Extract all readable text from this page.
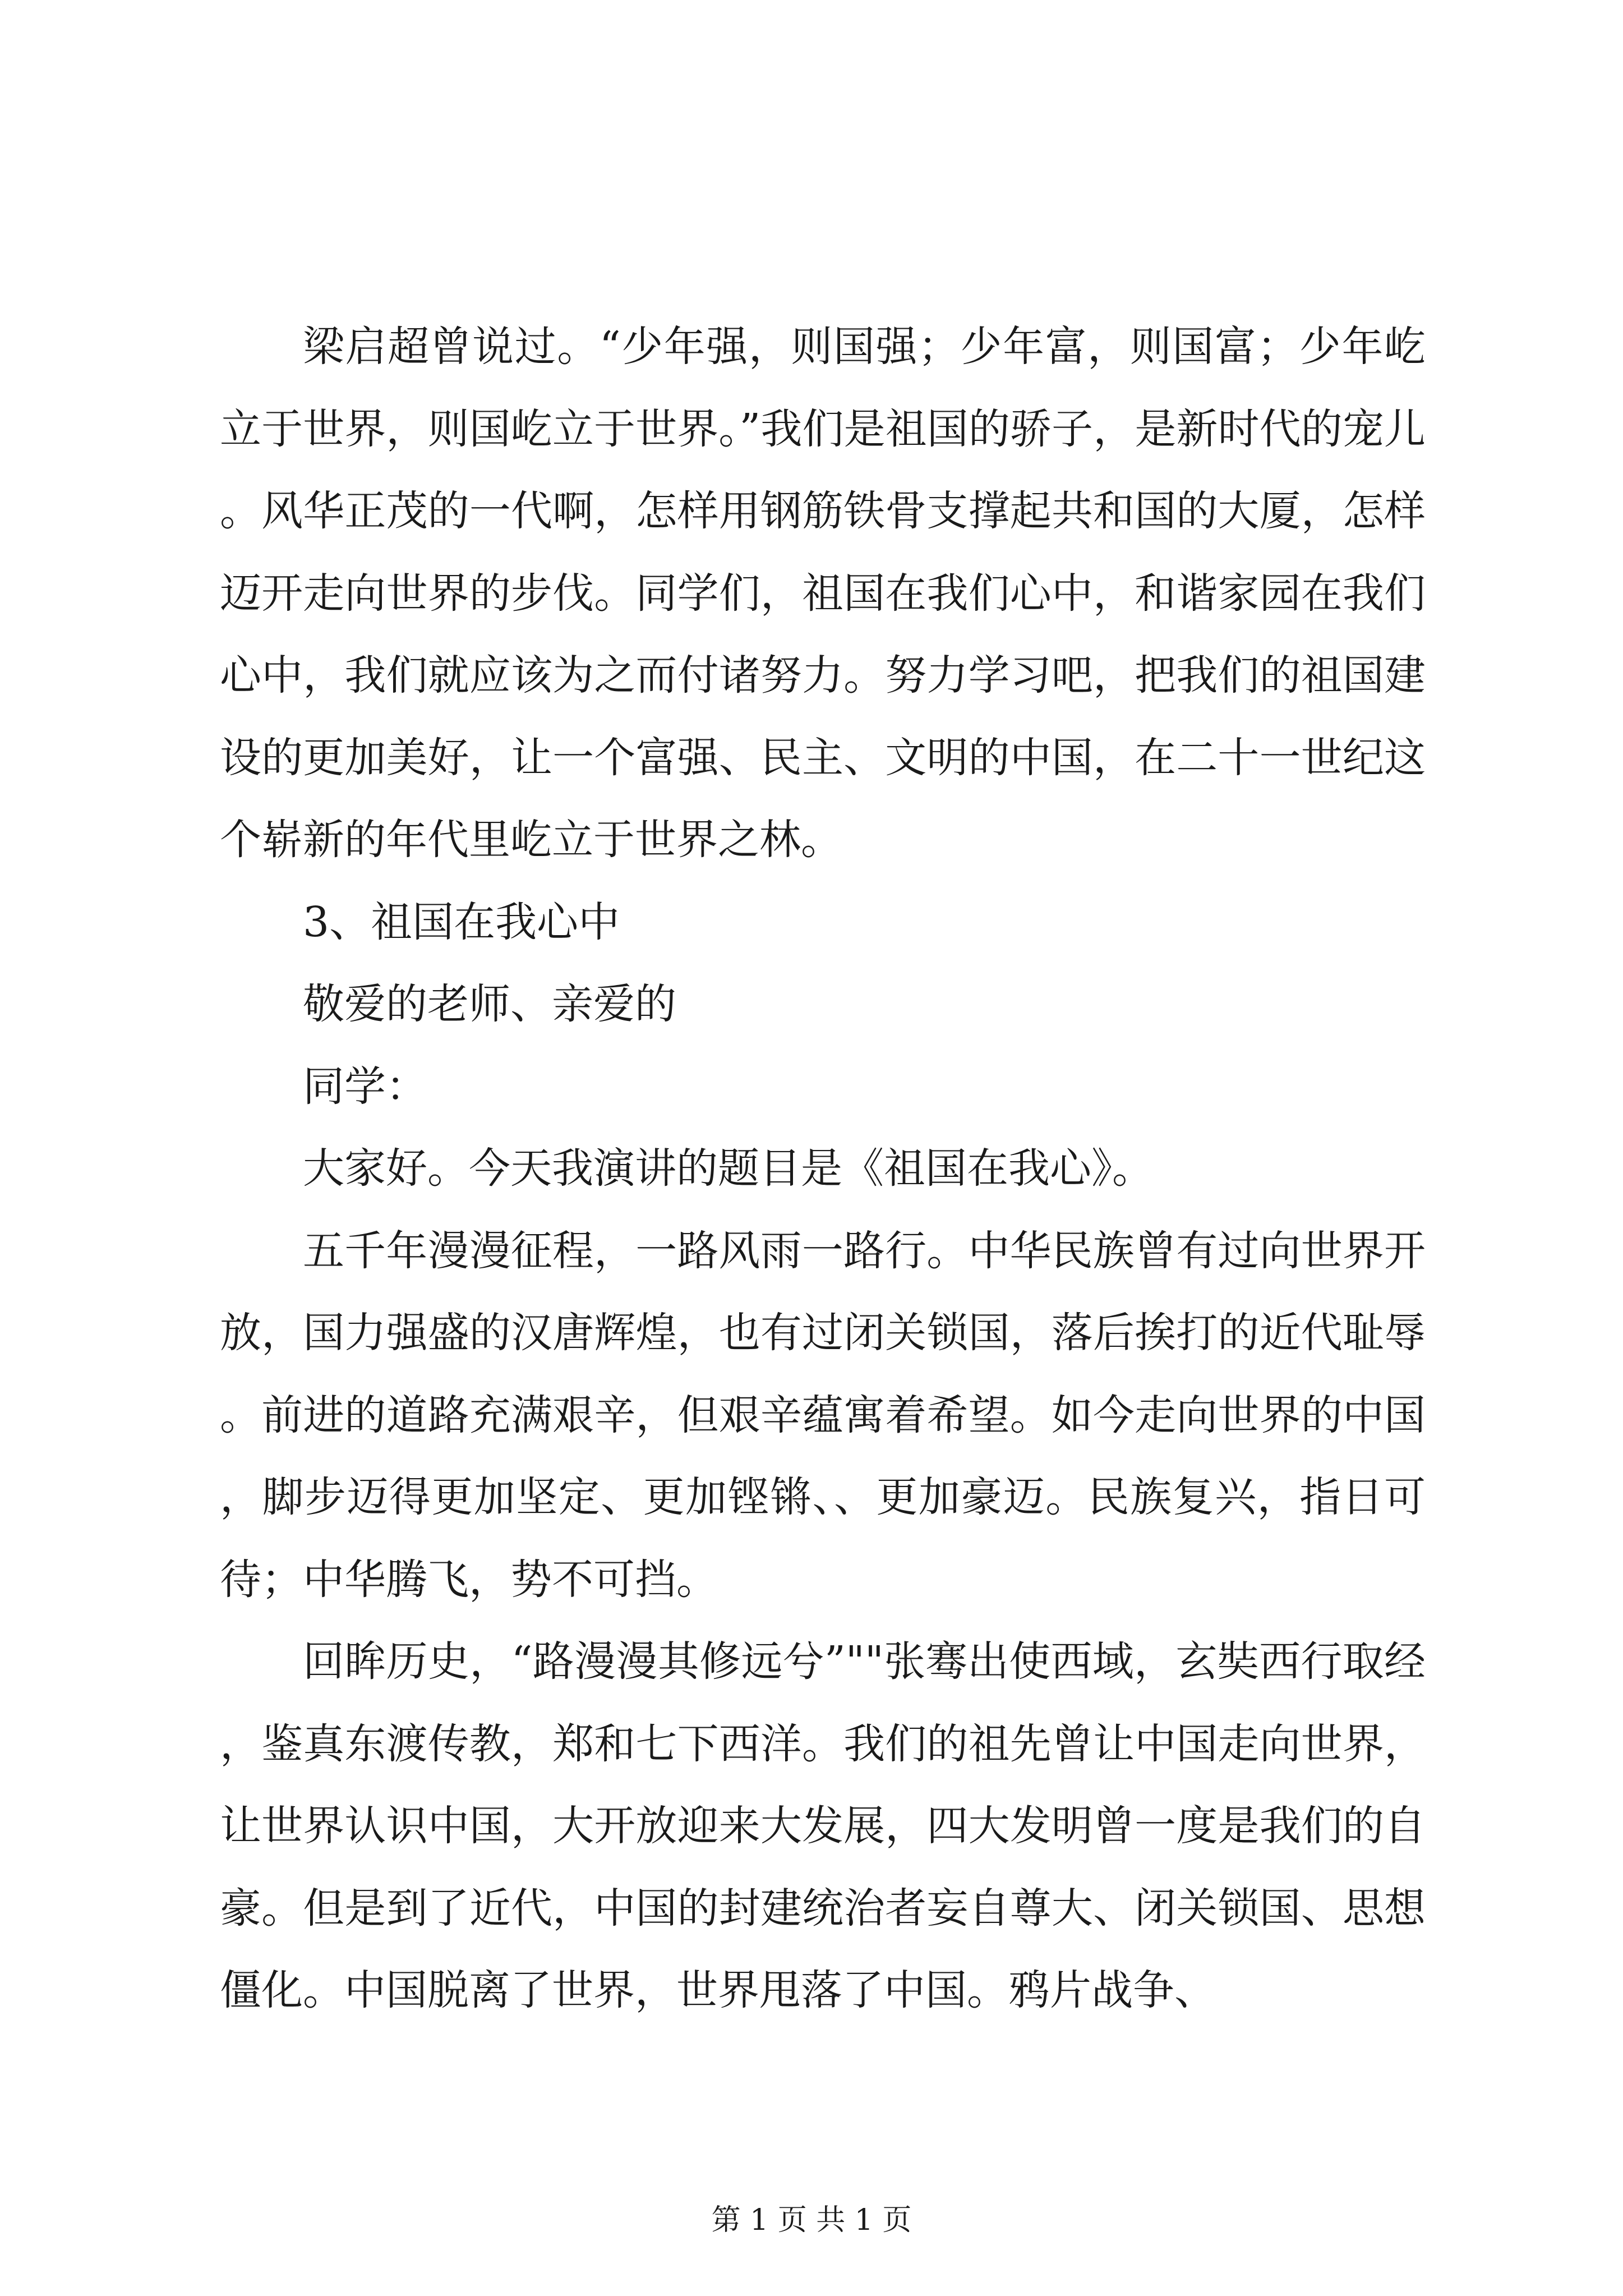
梁启超曾说过。“少年强，则国强；少年富，则国富；少年屹立于世界，则国屹立于世界。”我们是祖国的骄子，是新时代的宠儿。风华正茂的一代啊，怎样用钢筋铁骨支撑起共和国的大厦，怎样迈开走向世界的步伐。同学们，祖国在我们心中，和谐家园在我们心中，我们就应该为之而付诸努力。努力学习吧，把我们的祖国建设的更加美好，让一个富强、民主、文明的中国，在二十一世纪这个崭新的年代里屹立于世界之林。

3、祖国在我心中

敬爱的老师、亲爱的

同学：

大家好。今天我演讲的题目是《祖国在我心》。

五千年漫漫征程，一路风雨一路行。中华民族曾有过向世界开放，国力强盛的汉唐辉煌，也有过闭关锁国，落后挨打的近代耻辱。前进的道路充满艰辛，但艰辛蕴寓着希望。如今走向世界的中国，脚步迈得更加坚定、更加铿锵、、更加豪迈。民族复兴，指日可待；中华腾飞，势不可挡。

回眸历史，“路漫漫其修远兮”""张骞出使西域，玄奘西行取经，鉴真东渡传教，郑和七下西洋。我们的祖先曾让中国走向世界，让世界认识中国，大开放迎来大发展，四大发明曾一度是我们的自豪。但是到了近代，中国的封建统治者妄自尊大、闭关锁国、思想僵化。中国脱离了世界，世界甩落了中国。鸦片战争、

第 1 页 共 1 页
